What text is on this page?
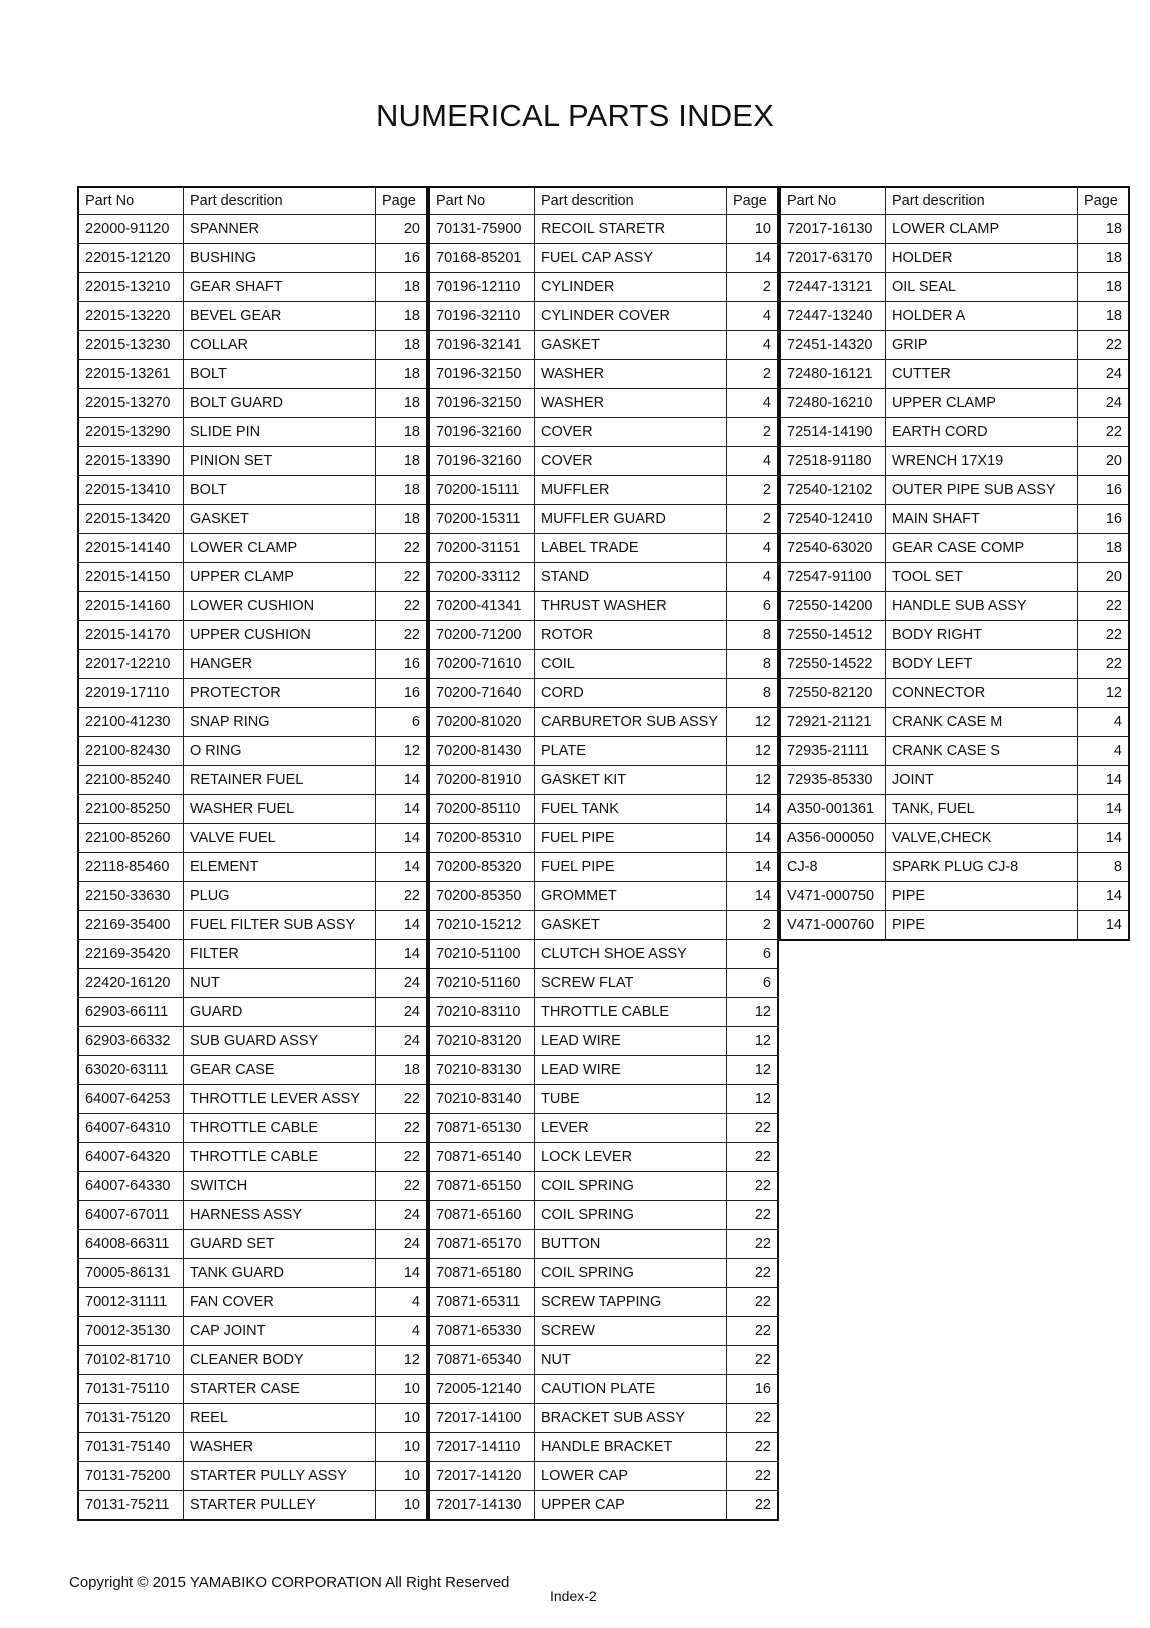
NUMERICAL PARTS INDEX
Part No	Part descrition	Page
22000-91120	SPANNER	20
22015-12120	BUSHING	16
22015-13210	GEAR SHAFT	18
22015-13220	BEVEL GEAR	18
22015-13230	COLLAR	18
22015-13261	BOLT	18
22015-13270	BOLT GUARD	18
22015-13290	SLIDE PIN	18
22015-13390	PINION SET	18
22015-13410	BOLT	18
22015-13420	GASKET	18
22015-14140	LOWER CLAMP	22
22015-14150	UPPER CLAMP	22
22015-14160	LOWER CUSHION	22
22015-14170	UPPER CUSHION	22
22017-12210	HANGER	16
22019-17110	PROTECTOR	16
22100-41230	SNAP RING	6
22100-82430	O RING	12
22100-85240	RETAINER FUEL	14
22100-85250	WASHER FUEL	14
22100-85260	VALVE FUEL	14
22118-85460	ELEMENT	14
22150-33630	PLUG	22
22169-35400	FUEL FILTER SUB ASSY	14
22169-35420	FILTER	14
22420-16120	NUT	24
62903-66111	GUARD	24
62903-66332	SUB GUARD ASSY	24
63020-63111	GEAR CASE	18
64007-64253	THROTTLE LEVER ASSY	22
64007-64310	THROTTLE CABLE	22
64007-64320	THROTTLE CABLE	22
64007-64330	SWITCH	22
64007-67011	HARNESS ASSY	24
64008-66311	GUARD SET	24
70005-86131	TANK GUARD	14
70012-31111	FAN COVER	4
70012-35130	CAP JOINT	4
70102-81710	CLEANER BODY	12
70131-75110	STARTER CASE	10
70131-75120	REEL	10
70131-75140	WASHER	10
70131-75200	STARTER PULLY ASSY	10
70131-75211	STARTER PULLEY	10
Part No	Part descrition	Page
70131-75900	RECOIL STARETR	10
70168-85201	FUEL CAP ASSY	14
70196-12110	CYLINDER	2
70196-32110	CYLINDER COVER	4
70196-32141	GASKET	4
70196-32150	WASHER	2
70196-32150	WASHER	4
70196-32160	COVER	2
70196-32160	COVER	4
70200-15111	MUFFLER	2
70200-15311	MUFFLER GUARD	2
70200-31151	LABEL TRADE	4
70200-33112	STAND	4
70200-41341	THRUST WASHER	6
70200-71200	ROTOR	8
70200-71610	COIL	8
70200-71640	CORD	8
70200-81020	CARBURETOR SUB ASSY	12
70200-81430	PLATE	12
70200-81910	GASKET KIT	12
70200-85110	FUEL TANK	14
70200-85310	FUEL PIPE	14
70200-85320	FUEL PIPE	14
70200-85350	GROMMET	14
70210-15212	GASKET	2
70210-51100	CLUTCH SHOE ASSY	6
70210-51160	SCREW FLAT	6
70210-83110	THROTTLE CABLE	12
70210-83120	LEAD WIRE	12
70210-83130	LEAD WIRE	12
70210-83140	TUBE	12
70871-65130	LEVER	22
70871-65140	LOCK LEVER	22
70871-65150	COIL SPRING	22
70871-65160	COIL SPRING	22
70871-65170	BUTTON	22
70871-65180	COIL SPRING	22
70871-65311	SCREW TAPPING	22
70871-65330	SCREW	22
70871-65340	NUT	22
72005-12140	CAUTION PLATE	16
72017-14100	BRACKET SUB ASSY	22
72017-14110	HANDLE BRACKET	22
72017-14120	LOWER CAP	22
72017-14130	UPPER CAP	22
Part No	Part descrition	Page
72017-16130	LOWER CLAMP	18
72017-63170	HOLDER	18
72447-13121	OIL SEAL	18
72447-13240	HOLDER A	18
72451-14320	GRIP	22
72480-16121	CUTTER	24
72480-16210	UPPER CLAMP	24
72514-14190	EARTH CORD	22
72518-91180	WRENCH 17X19	20
72540-12102	OUTER PIPE SUB ASSY	16
72540-12410	MAIN SHAFT	16
72540-63020	GEAR CASE COMP	18
72547-91100	TOOL SET	20
72550-14200	HANDLE SUB ASSY	22
72550-14512	BODY RIGHT	22
72550-14522	BODY LEFT	22
72550-82120	CONNECTOR	12
72921-21121	CRANK CASE M	4
72935-21111	CRANK CASE S	4
72935-85330	JOINT	14
A350-001361	TANK, FUEL	14
A356-000050	VALVE,CHECK	14
CJ-8	SPARK PLUG CJ-8	8
V471-000750	PIPE	14
V471-000760	PIPE	14
Copyright © 2015 YAMABIKO CORPORATION All Right Reserved
Index-2
